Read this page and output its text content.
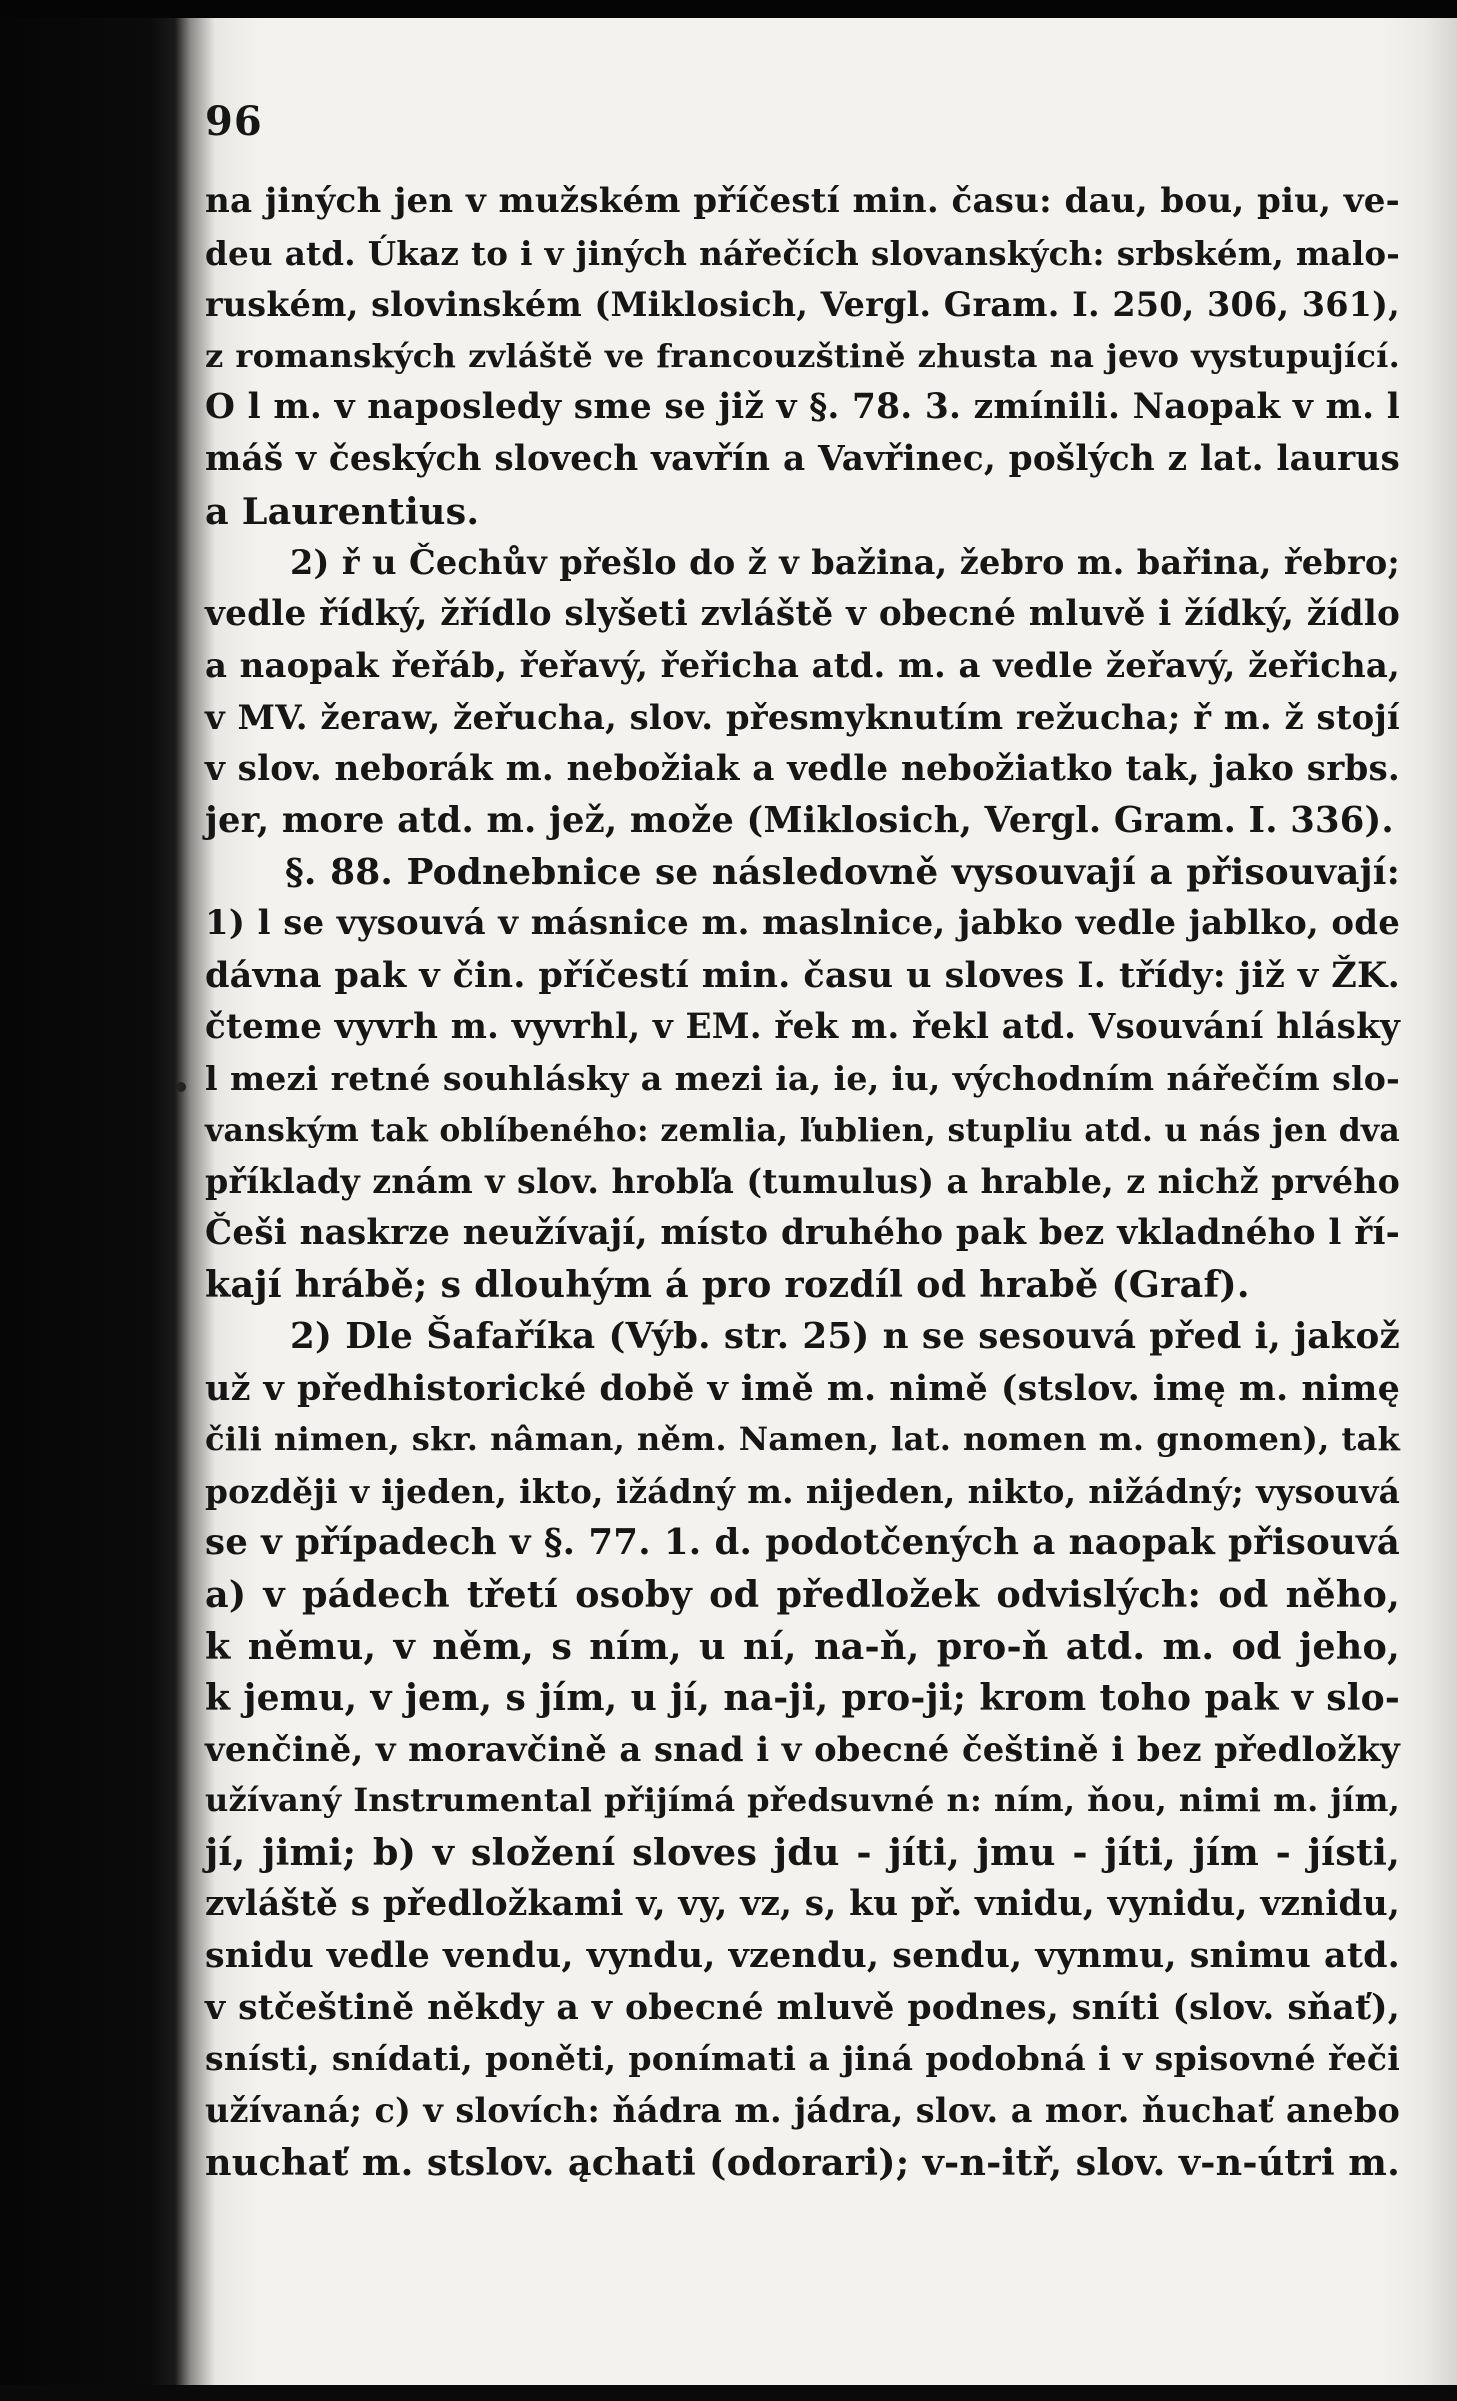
96
na jiných jen v mužském příčestí min. času: dau, bou, piu, ve-
deu atd. Úkaz to i v jiných nářečích slovanských: srbském, malo-
ruském, slovinském (Miklosich, Vergl. Gram. I. 250, 306, 361),
z romanských zvláště ve francouzštině zhusta na jevo vystupující.
O l m. v naposledy sme se již v §. 78. 3. zmínili. Naopak v m. l
máš v českých slovech vavřín a Vavřinec, pošlých z lat. laurus
a Laurentius.
2) ř u Čechův přešlo do ž v bažina, žebro m. bařina, řebro;
vedle řídký, žřídlo slyšeti zvláště v obecné mluvě i žídký, žídlo
a naopak řeřáb, řeřavý, řeřicha atd. m. a vedle žeřavý, žeřicha,
v MV. žeraw, žeřucha, slov. přesmyknutím režucha; ř m. ž stojí
v slov. neborák m. nebožiak a vedle nebožiatko tak, jako srbs.
jer, more atd. m. jež, može (Miklosich, Vergl. Gram. I. 336).
§. 88. Podnebnice se následovně vysouvají a přisouvají:
1) l se vysouvá v másnice m. maslnice, jabko vedle jablko, ode
dávna pak v čin. příčestí min. času u sloves I. třídy: již v ŽK.
čteme vyvrh m. vyvrhl, v EM. řek m. řekl atd. Vsouvání hlásky
l mezi retné souhlásky a mezi ia, ie, iu, východním nářečím slo-
vanským tak oblíbeného: zemlia, ľublien, stupliu atd. u nás jen dva
příklady znám v slov. hrobľa (tumulus) a hrable, z nichž prvého
Češi naskrze neužívají, místo druhého pak bez vkladného l ří-
kají hrábě; s dlouhým á pro rozdíl od hrabě (Graf).
2) Dle Šafaříka (Výb. str. 25) n se sesouvá před i, jakož
už v předhistorické době v imě m. nimě (stslov. imę m. nimę
čili nimen, skr. nâman, něm. Namen, lat. nomen m. gnomen), tak
později v ijeden, ikto, ižádný m. nijeden, nikto, nižádný; vysouvá
se v případech v §. 77. 1. d. podotčených a naopak přisouvá
a) v pádech třetí osoby od předložek odvislých: od něho,
k němu, v něm, s ním, u ní, na-ň, pro-ň atd. m. od jeho,
k jemu, v jem, s jím, u jí, na-ji, pro-ji; krom toho pak v slo-
venčině, v moravčině a snad i v obecné češtině i bez předložky
užívaný Instrumental přijímá předsuvné n: ním, ňou, nimi m. jím,
jí, jimi; b) v složení sloves jdu - jíti, jmu - jíti, jím - jísti,
zvláště s předložkami v, vy, vz, s, ku př. vnidu, vynidu, vznidu,
snidu vedle vendu, vyndu, vzendu, sendu, vynmu, snimu atd.
v stčeštině někdy a v obecné mluvě podnes, sníti (slov. sňať),
snísti, snídati, poněti, ponímati a jiná podobná i v spisovné řeči
užívaná; c) v slovích: ňádra m. jádra, slov. a mor. ňuchať anebo
nuchať m. stslov. ąchati (odorari); v-n-itř, slov. v-n-útri m.
